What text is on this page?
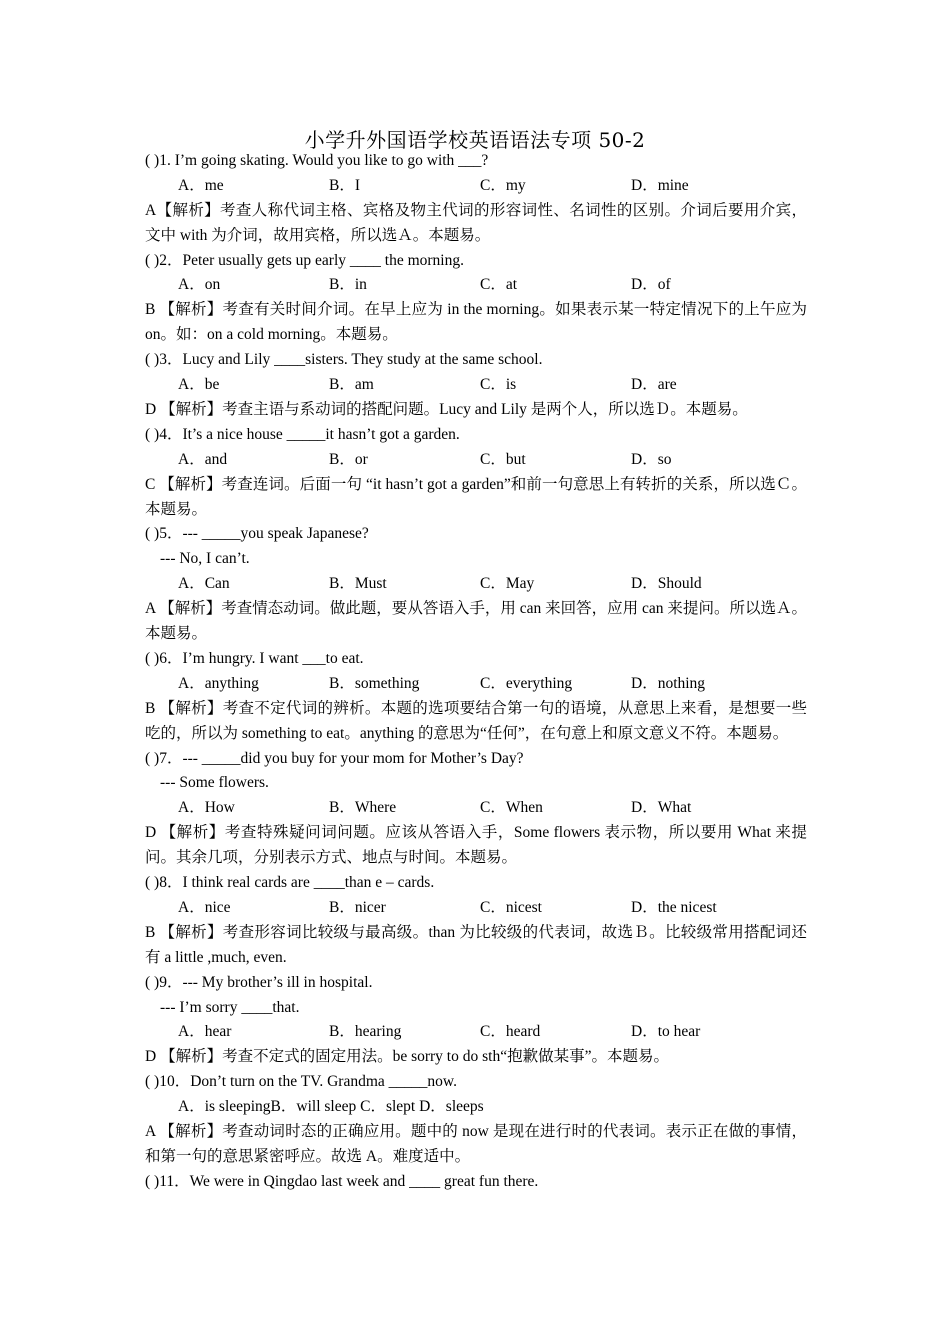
小学升外国语学校英语语法专项 50-2
( )1. I’m going skating. Would you like to go with ___?
A．me	B．I	C．my	D．mine
A【解析】考查人称代词主格、宾格及物主代词的形容词性、名词性的区别。介词后要用介宾，文中 with 为介词，故用宾格，所以选Ａ。本题易。
( )2．Peter usually gets up early ____ the morning.
A．on	B．in	C．at	D．of
B 【解析】考查有关时间介词。在早上应为 in the morning。如果表示某一特定情况下的上午应为 on。如：on a cold morning。本题易。
( )3．Lucy and Lily ____sisters. They study at the same school.
A．be	B．am	C．is	D．are
D 【解析】考查主语与系动词的搭配问题。Lucy and Lily 是两个人，所以选Ｄ。本题易。
( )4．It’s a nice house _____it hasn’t got a garden.
A．and	B．or	C．but	D．so
C 【解析】考查连词。后面一句 “it hasn’t got a garden”和前一句意思上有转折的关系，所以选Ｃ。本题易。
( )5．--- _____you speak Japanese?
--- No, I can’t.
A．Can	B．Must	C．May	D．Should
A 【解析】考查情态动词。做此题，要从答语入手，用 can 来回答，应用 can 来提问。所以选Ａ。本题易。
( )6．I’m hungry. I want ___to eat.
A．anything	B．something	C．everything	D．nothing
B 【解析】考查不定代词的辨析。本题的选项要结合第一句的语境，从意思上来看，是想要一些吃的，所以为 something to eat。anything 的意思为“任何”，在句意上和原文意义不符。本题易。
( )7．--- _____did you buy for your mom for Mother’s Day?
--- Some flowers.
A．How	B．Where	C．When	D．What
D 【解析】考查特殊疑问词问题。应该从答语入手，Some flowers 表示物，所以要用 What 来提问。其余几项，分别表示方式、地点与时间。本题易。
( )8．I think real cards are ____than e – cards.
A．nice	B．nicer	C．nicest	D．the nicest
B 【解析】考查形容词比较级与最高级。than 为比较级的代表词，故选Ｂ。比较级常用搭配词还有 a little ,much, even.
( )9．--- My brother’s ill in hospital.
--- I’m sorry ____that.
A．hear	B．hearing	C．heard	D．to hear
D 【解析】考查不定式的固定用法。be sorry to do sth“抱歉做某事”。本题易。
( )10．Don’t turn on the TV. Grandma _____now.
A．is sleepingB．will sleep C．slept D．sleeps
A 【解析】考查动词时态的正确应用。题中的 now 是现在进行时的代表词。表示正在做的事情，和第一句的意思紧密呼应。故选 A。难度适中。
( )11．We were in Qingdao last week and ____ great fun there.
